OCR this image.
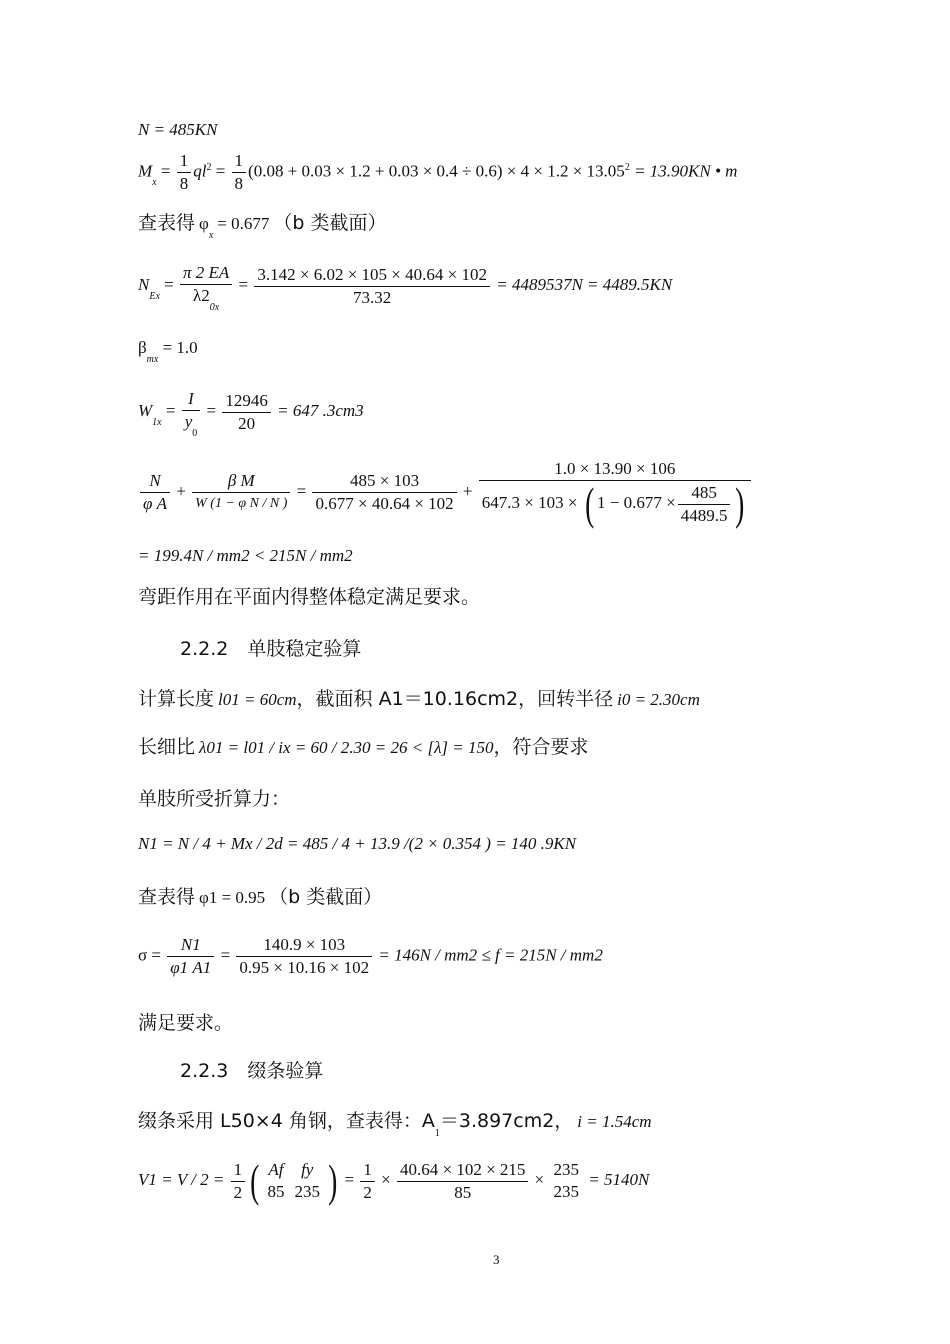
N = 485KN
$M_x = \frac{1}{8} ql^2 = \frac{1}{8} (0.08 + 0.03 \times 1.2 + 0.03 \times 0.4 \div 0.6) \times 4 \times 1.2 \times 13.05^2 = 13.90KN$ • m
查表得 $\varphi_x = 0.677$ （b 类截面）
$N_{Ex} = \frac{\pi 2 EA}{\lambda 2_{0x}} = \frac{3.142 \times 6.02 \times 105 \times 40.64 \times 102}{73.32} = 4489537N = 4489.5KN$
$\beta_{mx} = 1.0$
$W_{1x} = \frac{I}{y_0} = \frac{12946}{20} = 647$ .3cm3
$\frac{N}{\text{φ A}} + \frac{\text{β M}}{\text{W (1 − φ N / N )}} = \frac{485 \times 103}{0.677 \times 40.64 \times 102} + \frac{1.0 \times 13.90 \times 106}{647.3 \times 103 \times ( 1 - 0.677 \times \frac{485}{4489.5} )}$
= 199.4N / mm2 < 215N / mm2
弯距作用在平面内得整体稳定满足要求。
2.2.2　单肢稳定验算
计算长度 l01 = 60cm，截面积 A1＝10.16cm2，回转半径 i0 = 2.30cm
长细比 λ01 = l01 / ix = 60 / 2.30 = 26 < [λ] = 150，符合要求
单肢所受折算力：
N1 = N / 4 + Mx / 2d = 485 / 4 + 13.9 /(2 × 0.354 ) = 140 .9KN
查表得 φ1 = 0.95 （b 类截面）
$\sigma = \frac{N1}{\varphi 1 A1} = \frac{140.9 \times 103}{0.95 \times 10.16 \times 102} = 146N / mm2 \le f = 215N / mm2$
满足要求。
2.2.3　缀条验算
缀条采用 L50×4 角钢，查表得：$A_1=3.897cm2$， i = 1.54cm
$V1 = V / 2 = \frac{1}{2}$ ( Af
85
fy
235 ) = $\frac{1}{2} \times \frac{40.64 \times 102 \times 215}{85}$ ×
235
235
= 5140N
3
